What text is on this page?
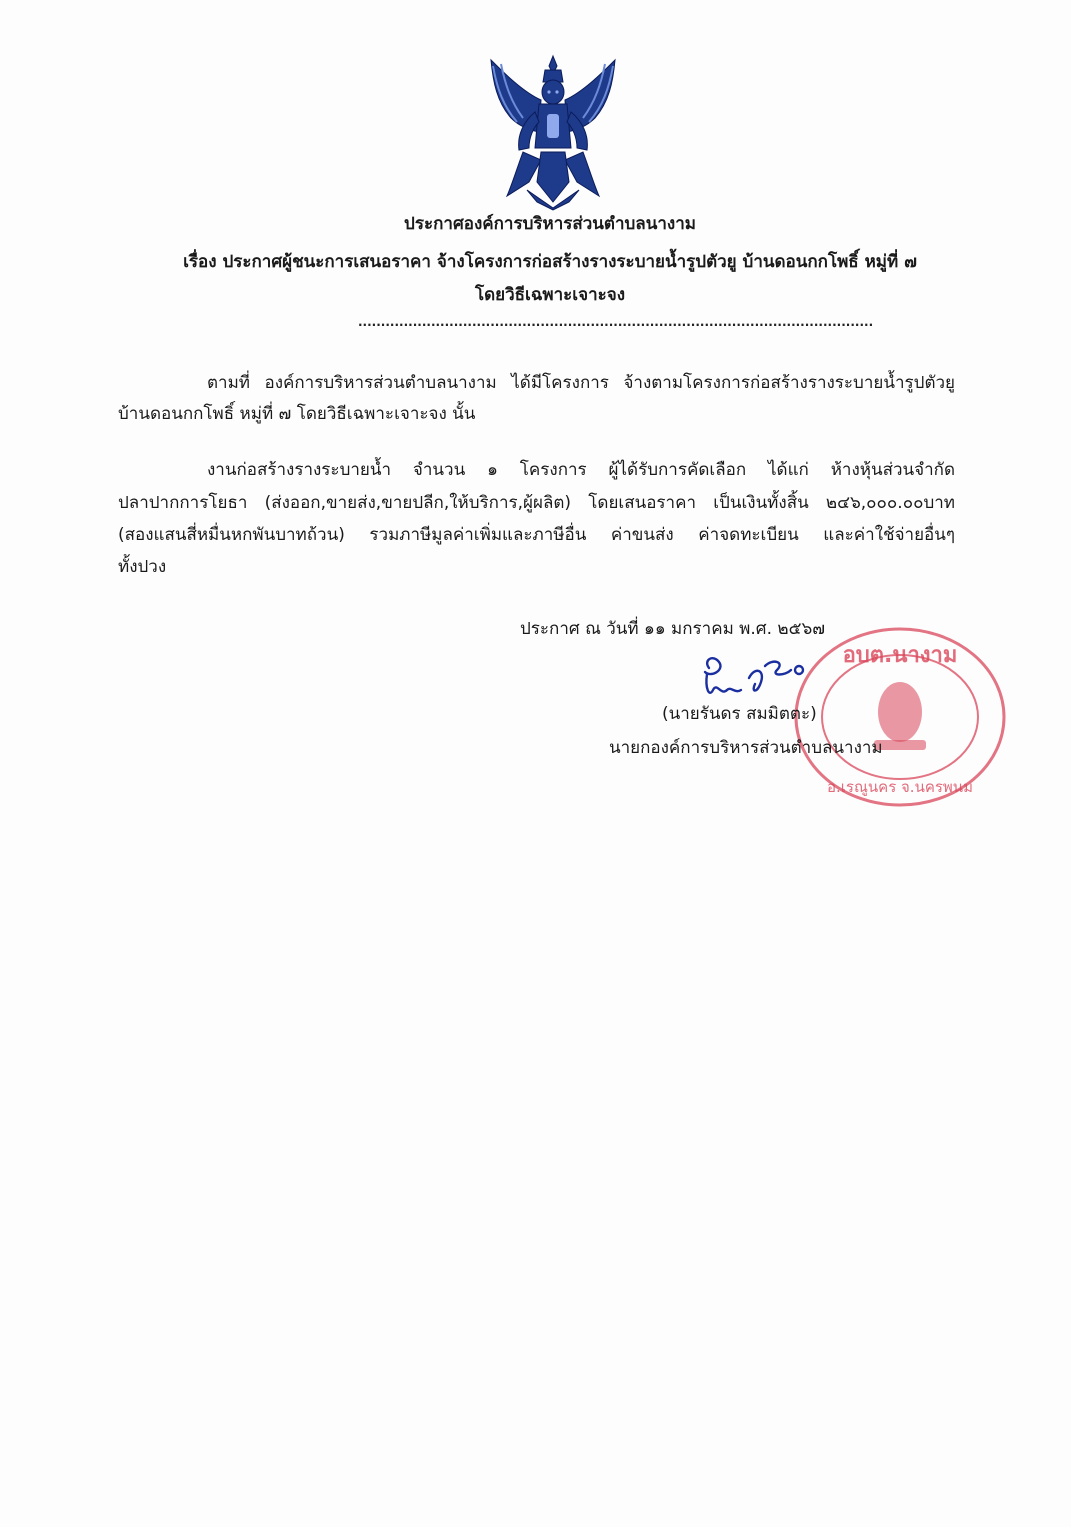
ประกาศองค์การบริหารส่วนตำบลนางาม
เรื่อง ประกาศผู้ชนะการเสนอราคา จ้างโครงการก่อสร้างรางระบายน้ำรูปตัวยู บ้านดอนกกโพธิ์ หมู่ที่ ๗
โดยวิธีเฉพาะเจาะจง
.................................................................................................................
ตามที่ องค์การบริหารส่วนตำบลนางาม ได้มีโครงการ จ้างตามโครงการก่อสร้างรางระบายน้ำรูปตัวยู
บ้านดอนกกโพธิ์ หมู่ที่ ๗ โดยวิธีเฉพาะเจาะจง นั้น
งานก่อสร้างรางระบายน้ำ จำนวน ๑ โครงการ ผู้ได้รับการคัดเลือก ได้แก่ ห้างหุ้นส่วนจำกัด
ปลาปากการโยธา (ส่งออก,ขายส่ง,ขายปลีก,ให้บริการ,ผู้ผลิต) โดยเสนอราคา เป็นเงินทั้งสิ้น ๒๔๖,๐๐๐.๐๐บาท
(สองแสนสี่หมื่นหกพันบาทถ้วน) รวมภาษีมูลค่าเพิ่มและภาษีอื่น ค่าขนส่ง ค่าจดทะเบียน และค่าใช้จ่ายอื่นๆ
ทั้งปวง
อบต.นางาม
อ.เรณูนคร จ.นครพนม
ประกาศ ณ วันที่ ๑๑ มกราคม พ.ศ. ๒๕๖๗
(นายรันดร สมมิตตะ)
นายกองค์การบริหารส่วนตำบลนางาม
